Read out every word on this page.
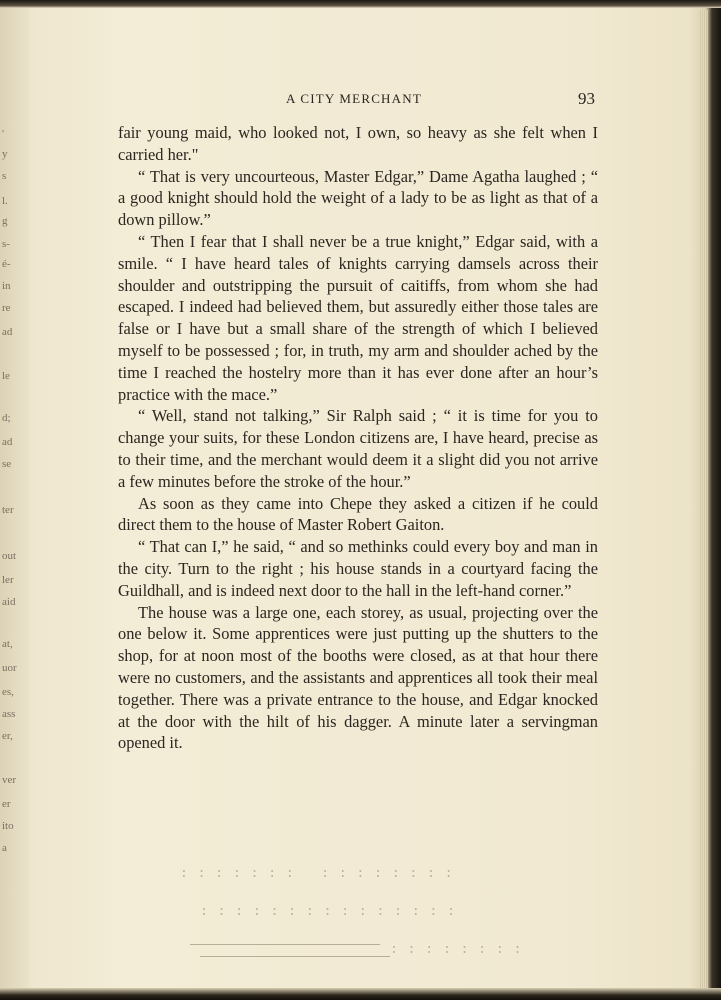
A CITY MERCHANT	93

fair young maid, who looked not, I own, so heavy as she felt when I carried her."

“ That is very uncourteous, Master Edgar,” Dame Agatha laughed ; “ a good knight should hold the weight of a lady to be as light as that of a down pillow.”

“ Then I fear that I shall never be a true knight,” Edgar said, with a smile. “ I have heard tales of knights carrying damsels across their shoulder and outstripping the pursuit of caitiffs, from whom she had escaped. I indeed had believed them, but assuredly either those tales are false or I have but a small share of the strength of which I believed myself to be possessed ; for, in truth, my arm and shoulder ached by the time I reached the hostelry more than it has ever done after an hour’s practice with the mace.”

“ Well, stand not talking,” Sir Ralph said ; “ it is time for you to change your suits, for these London citizens are, I have heard, precise as to their time, and the merchant would deem it a slight did you not arrive a few minutes before the stroke of the hour.”

As soon as they came into Chepe they asked a citizen if he could direct them to the house of Master Robert Gaiton.

“ That can I,” he said, “ and so methinks could every boy and man in the city. Turn to the right ; his house stands in a courtyard facing the Guildhall, and is indeed next door to the hall in the left-hand corner.”

The house was a large one, each storey, as usual, projecting over the one below it. Some apprentices were just putting up the shutters to the shop, for at noon most of the booths were closed, as at that hour there were no customers, and the assistants and apprentices all took their meal together. There was a private entrance to the house, and Edgar knocked at the door with the hilt of his dagger. A minute later a servingman opened it.

'
y
s
l.
g
s-
é-
in
re
ad
le
d;
ad
se
ter
out
ler
aid
at,
uor
es,
ass
er,
ver
er
ito
a
: : : : : : :   : : : : : : : :
: : : : : : : : : : : : : : :
: : : : : : : :
